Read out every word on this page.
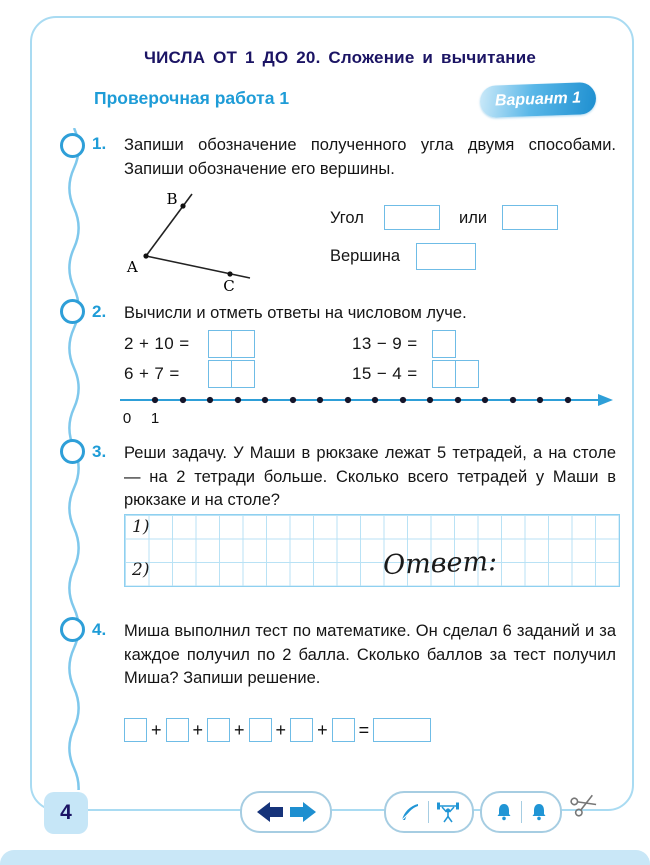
ЧИСЛА ОТ 1 ДО 20. Сложение и вычитание
Проверочная работа 1	Вариант 1
1. Запиши обозначение полученного угла двумя способами. Запиши обозначение его вершины.
В
А
С
Угол	или
Вершина
2. Вычисли и отметь ответы на числовом луче.
2 + 10 =	13 − 9 =
6 + 7 =	15 − 4 =
0 1
3. Реши задачу. У Маши в рюкзаке лежат 5 тетрадей, а на столе — на 2 тетради больше. Сколько всего тетрадей у Маши в рюкзаке и на столе?
1)
2)	Ответ:
4. Миша выполнил тест по математике. Он сделал 6 заданий и за каждое получил по 2 балла. Сколько баллов за тест получил Миша? Запиши решение.
+ + + + + =
4
